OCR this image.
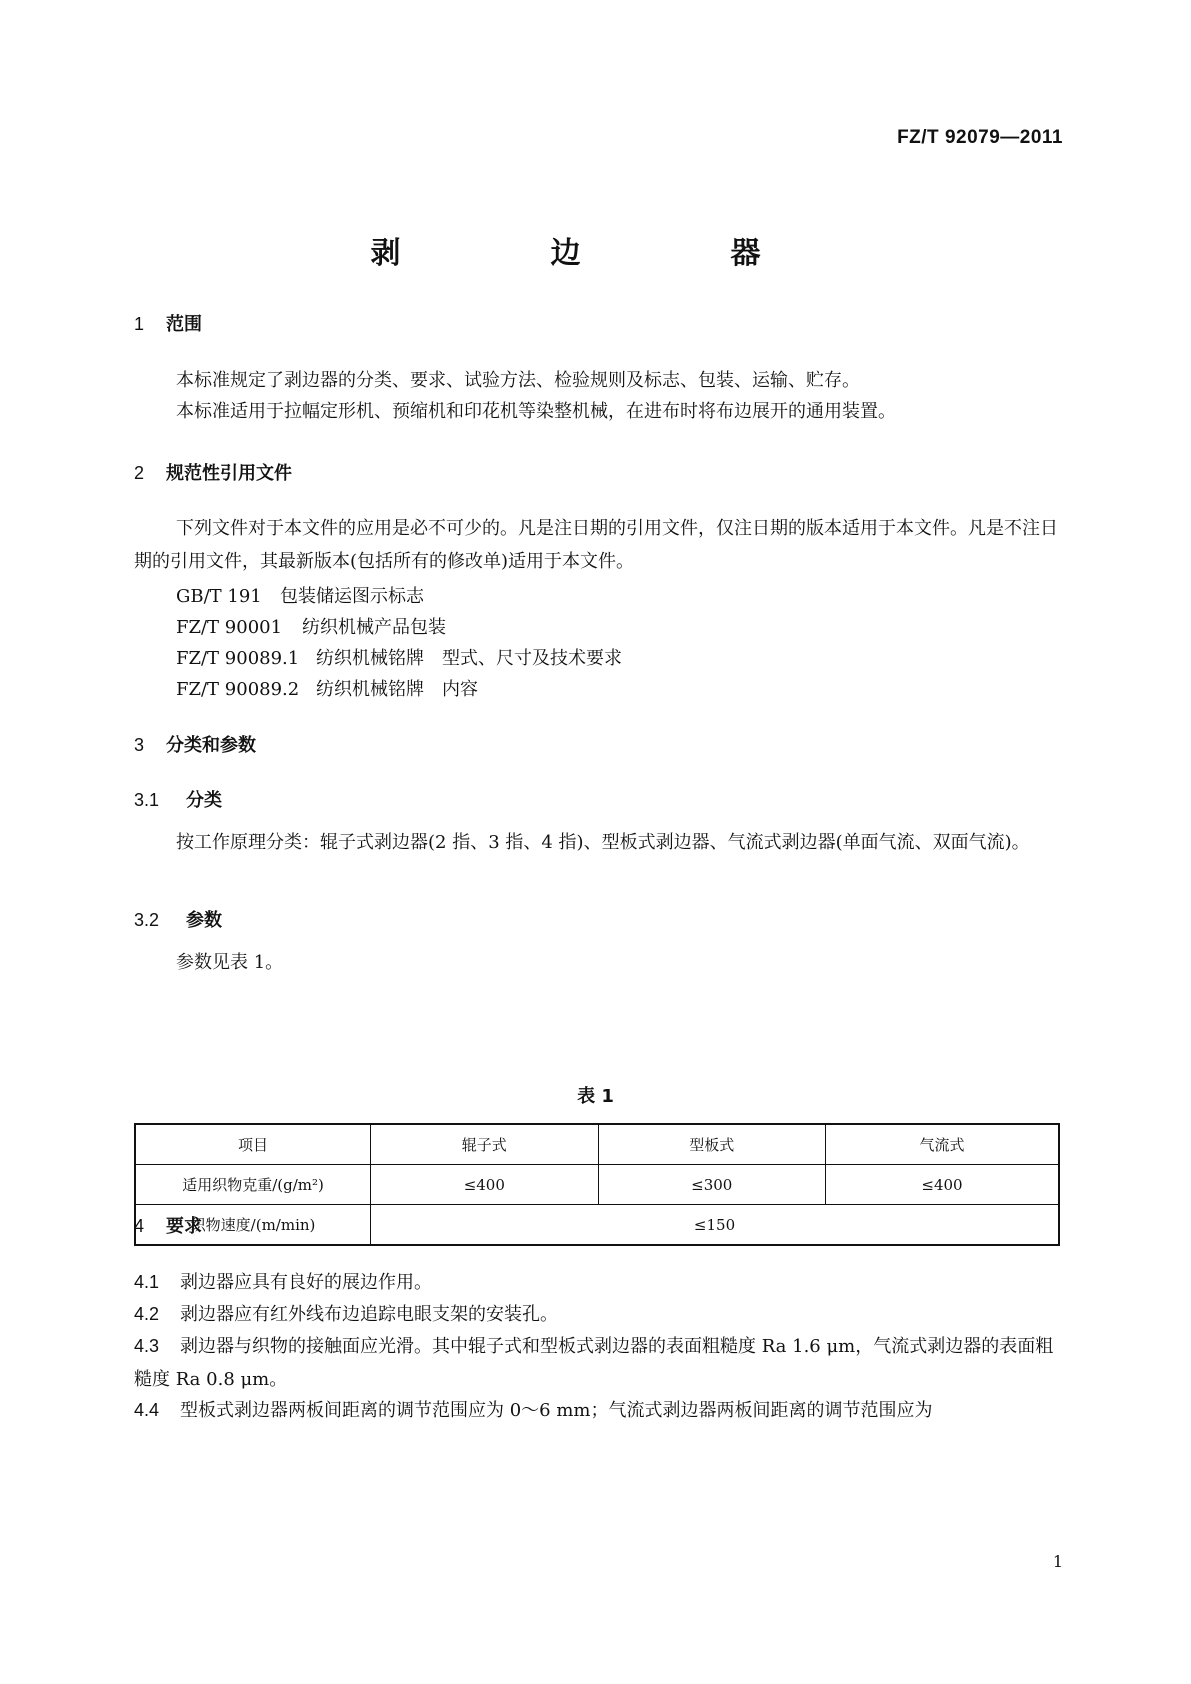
FZ/T 92079—2011
剥　边　器
1 范围
本标准规定了剥边器的分类、要求、试验方法、检验规则及标志、包装、运输、贮存。
本标准适用于拉幅定形机、预缩机和印花机等染整机械，在进布时将布边展开的通用装置。
2 规范性引用文件
下列文件对于本文件的应用是必不可少的。凡是注日期的引用文件，仅注日期的版本适用于本文件。凡是不注日期的引用文件，其最新版本(包括所有的修改单)适用于本文件。
GB/T 191 包装储运图示标志
FZ/T 90001 纺织机械产品包装
FZ/T 90089.1 纺织机械铭牌　型式、尺寸及技术要求
FZ/T 90089.2 纺织机械铭牌　内容
3 分类和参数
3.1 分类
按工作原理分类：辊子式剥边器(2 指、3 指、4 指)、型板式剥边器、气流式剥边器(单面气流、双面气流)。
3.2 参数
参数见表 1。
表 1
项目	辊子式	型板式	气流式
适用织物克重/(g/m²)	≤400	≤300	≤400
织物速度/(m/min)	≤150		
4 要求
4.1 剥边器应具有良好的展边作用。
4.2 剥边器应有红外线布边追踪电眼支架的安装孔。
4.3 剥边器与织物的接触面应光滑。其中辊子式和型板式剥边器的表面粗糙度 Ra 1.6 μm，气流式剥边器的表面粗糙度 Ra 0.8 μm。
4.4 型板式剥边器两板间距离的调节范围应为 0～6 mm；气流式剥边器两板间距离的调节范围应为
1
